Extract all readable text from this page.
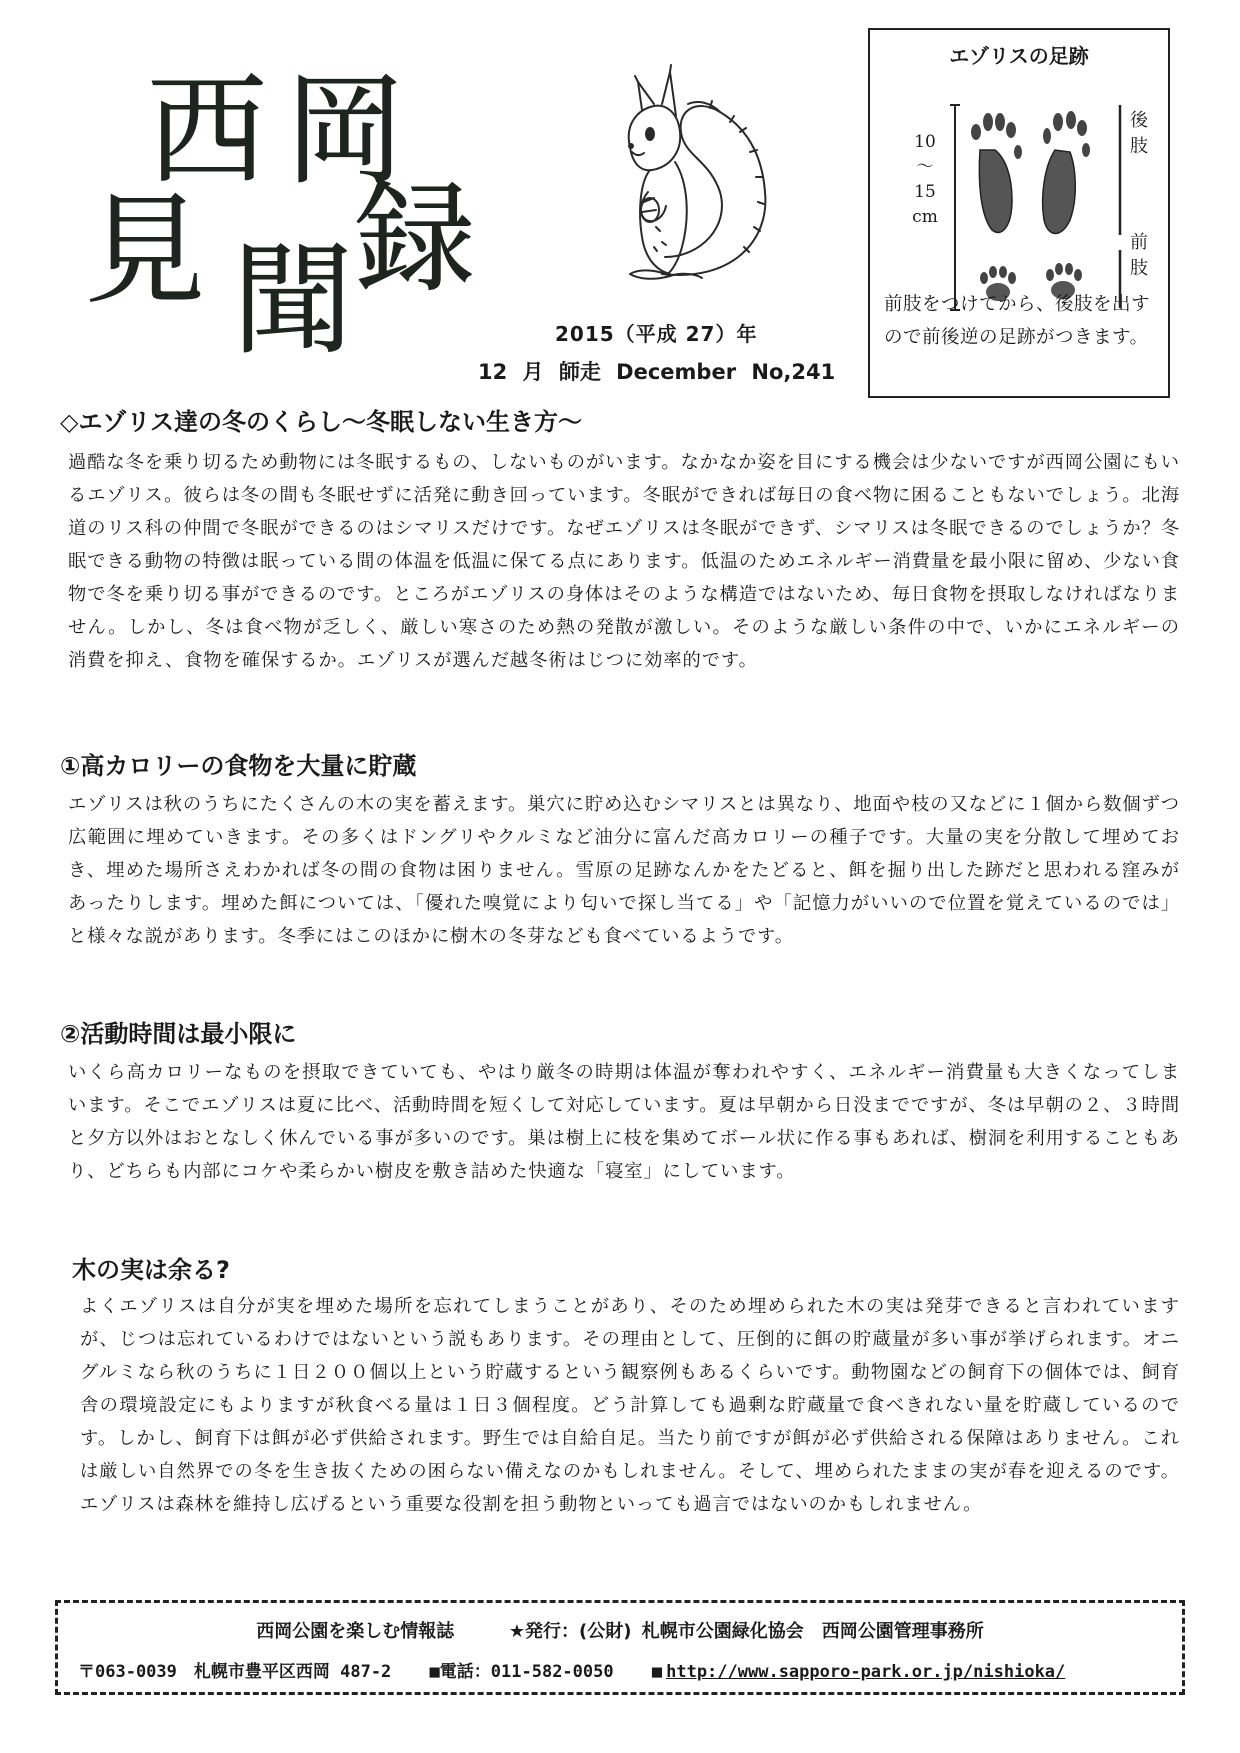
西 岡
見 聞 録
2015（平成 27）年
12 月 師走 December No,241
エゾリスの足跡
10
～
15
cm
後
肢
前
肢
前肢をつけてから、後肢を出すので前後逆の足跡がつきます。
◇エゾリス達の冬のくらし～冬眠しない生き方～
過酷な冬を乗り切るため動物には冬眠するもの、しないものがいます。なかなか姿を目にする機会は少ないですが西岡公園にもいるエゾリス。彼らは冬の間も冬眠せずに活発に動き回っています。冬眠ができれば毎日の食べ物に困ることもないでしょう。北海道のリス科の仲間で冬眠ができるのはシマリスだけです。なぜエゾリスは冬眠ができず、シマリスは冬眠できるのでしょうか？冬眠できる動物の特徴は眠っている間の体温を低温に保てる点にあります。低温のためエネルギー消費量を最小限に留め、少ない食物で冬を乗り切る事ができるのです。ところがエゾリスの身体はそのような構造ではないため、毎日食物を摂取しなければなりません。しかし、冬は食べ物が乏しく、厳しい寒さのため熱の発散が激しい。そのような厳しい条件の中で、いかにエネルギーの消費を抑え、食物を確保するか。エゾリスが選んだ越冬術はじつに効率的です。
①高カロリーの食物を大量に貯蔵
エゾリスは秋のうちにたくさんの木の実を蓄えます。巣穴に貯め込むシマリスとは異なり、地面や枝の又などに１個から数個ずつ広範囲に埋めていきます。その多くはドングリやクルミなど油分に富んだ高カロリーの種子です。大量の実を分散して埋めておき、埋めた場所さえわかれば冬の間の食物は困りません。雪原の足跡なんかをたどると、餌を掘り出した跡だと思われる窪みがあったりします。埋めた餌については、「優れた嗅覚により匂いで探し当てる」や「記憶力がいいので位置を覚えているのでは」と様々な説があります。冬季にはこのほかに樹木の冬芽なども食べているようです。
②活動時間は最小限に
いくら高カロリーなものを摂取できていても、やはり厳冬の時期は体温が奪われやすく、エネルギー消費量も大きくなってしまいます。そこでエゾリスは夏に比べ、活動時間を短くして対応しています。夏は早朝から日没までですが、冬は早朝の２、３時間と夕方以外はおとなしく休んでいる事が多いのです。巣は樹上に枝を集めてボール状に作る事もあれば、樹洞を利用することもあり、どちらも内部にコケや柔らかい樹皮を敷き詰めた快適な「寝室」にしています。
木の実は余る?
よくエゾリスは自分が実を埋めた場所を忘れてしまうことがあり、そのため埋められた木の実は発芽できると言われていますが、じつは忘れているわけではないという説もあります。その理由として、圧倒的に餌の貯蔵量が多い事が挙げられます。オニグルミなら秋のうちに１日２００個以上という貯蔵するという観察例もあるくらいです。動物園などの飼育下の個体では、飼育舎の環境設定にもよりますが秋食べる量は１日３個程度。どう計算しても過剰な貯蔵量で食べきれない量を貯蔵しているのです。しかし、飼育下は餌が必ず供給されます。野生では自給自足。当たり前ですが餌が必ず供給される保障はありません。これは厳しい自然界での冬を生き抜くための困らない備えなのかもしれません。そして、埋められたままの実が春を迎えるのです。エゾリスは森林を維持し広げるという重要な役割を担う動物といっても過言ではないのかもしれません。
西岡公園を楽しむ情報誌	★発行：(公財) 札幌市公園緑化協会　西岡公園管理事務所
〒063-0039　札幌市豊平区西岡 487-2 ■電話：011-582-0050 ■ http://www.sapporo-park.or.jp/nishioka/
